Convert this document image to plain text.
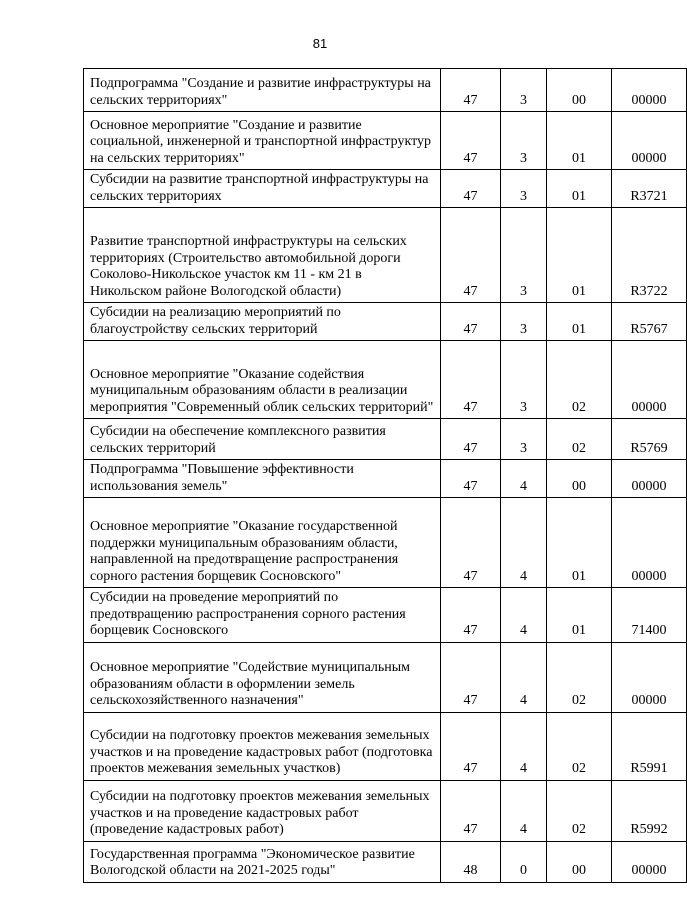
81
Подпрограмма "Создание и развитие инфраструктуры на сельских территориях"	47	3	00	00000
Основное мероприятие "Создание и развитие социальной, инженерной и транспортной инфраструктур на сельских территориях"	47	3	01	00000
Субсидии на развитие транспортной инфраструктуры на сельских территориях	47	3	01	R3721
Развитие транспортной инфраструктуры на сельских территориях (Строительство автомобильной дороги Соколово-Никольское участок км 11 - км 21 в Никольском районе Вологодской области)	47	3	01	R3722
Субсидии на реализацию мероприятий по благоустройству сельских территорий	47	3	01	R5767
Основное мероприятие "Оказание содействия муниципальным образованиям области в реализации мероприятия "Современный облик сельских территорий"	47	3	02	00000
Субсидии на обеспечение комплексного развития сельских территорий	47	3	02	R5769
Подпрограмма "Повышение эффективности использования земель"	47	4	00	00000
Основное мероприятие "Оказание государственной поддержки муниципальным образованиям области, направленной на предотвращение распространения сорного растения борщевик Сосновского"	47	4	01	00000
Субсидии на проведение мероприятий по предотвращению распространения сорного растения борщевик Сосновского	47	4	01	71400
Основное мероприятие "Содействие муниципальным образованиям области в оформлении земель сельскохозяйственного назначения"	47	4	02	00000
Субсидии на подготовку проектов межевания земельных участков и на проведение кадастровых работ (подготовка проектов межевания земельных участков)	47	4	02	R5991
Субсидии на подготовку проектов межевания земельных участков и на проведение кадастровых работ (проведение кадастровых работ)	47	4	02	R5992
Государственная программа "Экономическое развитие Вологодской области на 2021-2025 годы"	48	0	00	00000
